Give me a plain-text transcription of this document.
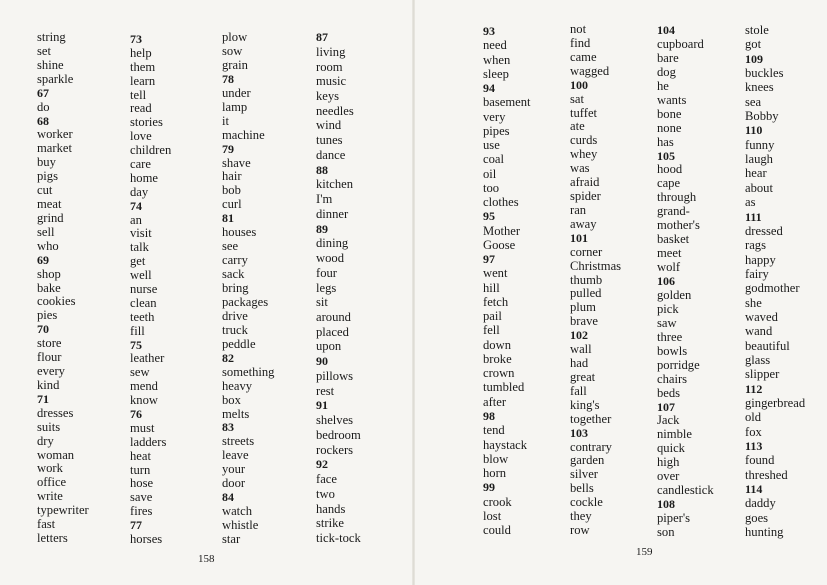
string
set
shine
sparkle
67
do
68
worker
market
buy
pigs
cut
meat
grind
sell
who
69
shop
bake
cookies
pies
70
store
flour
every
kind
71
dresses
suits
dry
woman
work
office
write
typewriter
fast
letters
73
help
them
learn
tell
read
stories
love
children
care
home
day
74
an
visit
talk
get
well
nurse
clean
teeth
fill
75
leather
sew
mend
know
76
must
ladders
heat
turn
hose
save
fires
77
horses
plow
sow
grain
78
under
lamp
it
machine
79
shave
hair
bob
curl
81
houses
see
carry
sack
bring
packages
drive
truck
peddle
82
something
heavy
box
melts
83
streets
leave
your
door
84
watch
whistle
star
87
living
room
music
keys
needles
wind
tunes
dance
88
kitchen
I'm
dinner
89
dining
wood
four
legs
sit
around
placed
upon
90
pillows
rest
91
shelves
bedroom
rockers
92
face
two
hands
strike
tick-tock
93
need
when
sleep
94
basement
very
pipes
use
coal
oil
too
clothes
95
Mother
Goose
97
went
hill
fetch
pail
fell
down
broke
crown
tumbled
after
98
tend
haystack
blow
horn
99
crook
lost
could
not
find
came
wagged
100
sat
tuffet
ate
curds
whey
was
afraid
spider
ran
away
101
corner
Christmas
thumb
pulled
plum
brave
102
wall
had
great
fall
king's
together
103
contrary
garden
silver
bells
cockle
they
row
104
cupboard
bare
dog
he
wants
bone
none
has
105
hood
cape
through
grand-
mother's
basket
meet
wolf
106
golden
pick
saw
three
bowls
porridge
chairs
beds
107
Jack
nimble
quick
high
over
candlestick
108
piper's
son
stole
got
109
buckles
knees
sea
Bobby
110
funny
laugh
hear
about
as
111
dressed
rags
happy
fairy
godmother
she
waved
wand
beautiful
glass
slipper
112
gingerbread
old
fox
113
found
threshed
114
daddy
goes
hunting
158
159
